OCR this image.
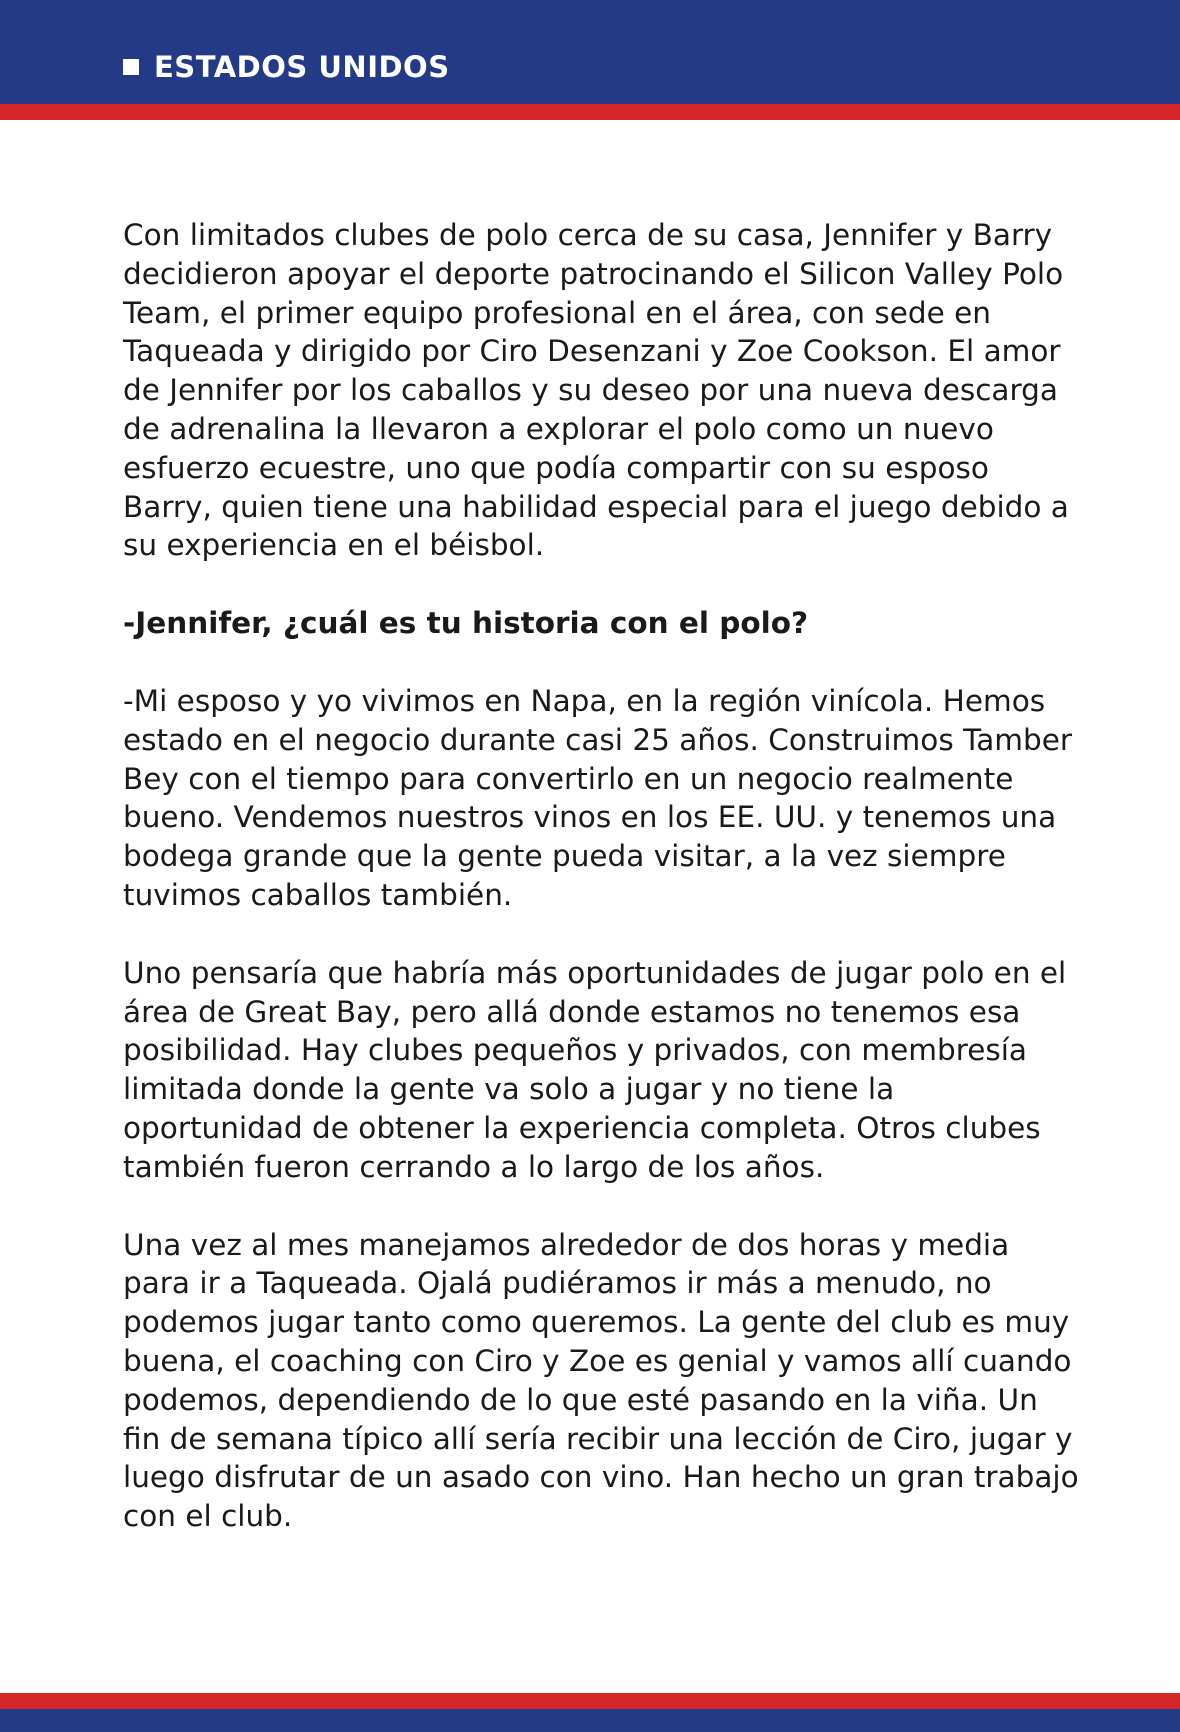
ESTADOS UNIDOS

Con limitados clubes de polo cerca de su casa, Jennifer y Barry decidieron apoyar el deporte patrocinando el Silicon Valley Polo Team, el primer equipo profesional en el área, con sede en Taqueada y dirigido por Ciro Desenzani y Zoe Cookson. El amor de Jennifer por los caballos y su deseo por una nueva descarga de adrenalina la llevaron a explorar el polo como un nuevo esfuerzo ecuestre, uno que podía compartir con su esposo Barry, quien tiene una habilidad especial para el juego debido a su experiencia en el béisbol.

-Jennifer, ¿cuál es tu historia con el polo?

-Mi esposo y yo vivimos en Napa, en la región vinícola. Hemos estado en el negocio durante casi 25 años. Construimos Tamber Bey con el tiempo para convertirlo en un negocio realmente bueno. Vendemos nuestros vinos en los EE. UU. y tenemos una bodega grande que la gente pueda visitar, a la vez siempre tuvimos caballos también.

Uno pensaría que habría más oportunidades de jugar polo en el área de Great Bay, pero allá donde estamos no tenemos esa posibilidad. Hay clubes pequeños y privados, con membresía limitada donde la gente va solo a jugar y no tiene la oportunidad de obtener la experiencia completa. Otros clubes también fueron cerrando a lo largo de los años.

Una vez al mes manejamos alrededor de dos horas y media para ir a Taqueada. Ojalá pudiéramos ir más a menudo, no podemos jugar tanto como queremos. La gente del club es muy buena, el coaching con Ciro y Zoe es genial y vamos allí cuando podemos, dependiendo de lo que esté pasando en la viña. Un fin de semana típico allí sería recibir una lección de Ciro, jugar y luego disfrutar de un asado con vino. Han hecho un gran trabajo con el club.
